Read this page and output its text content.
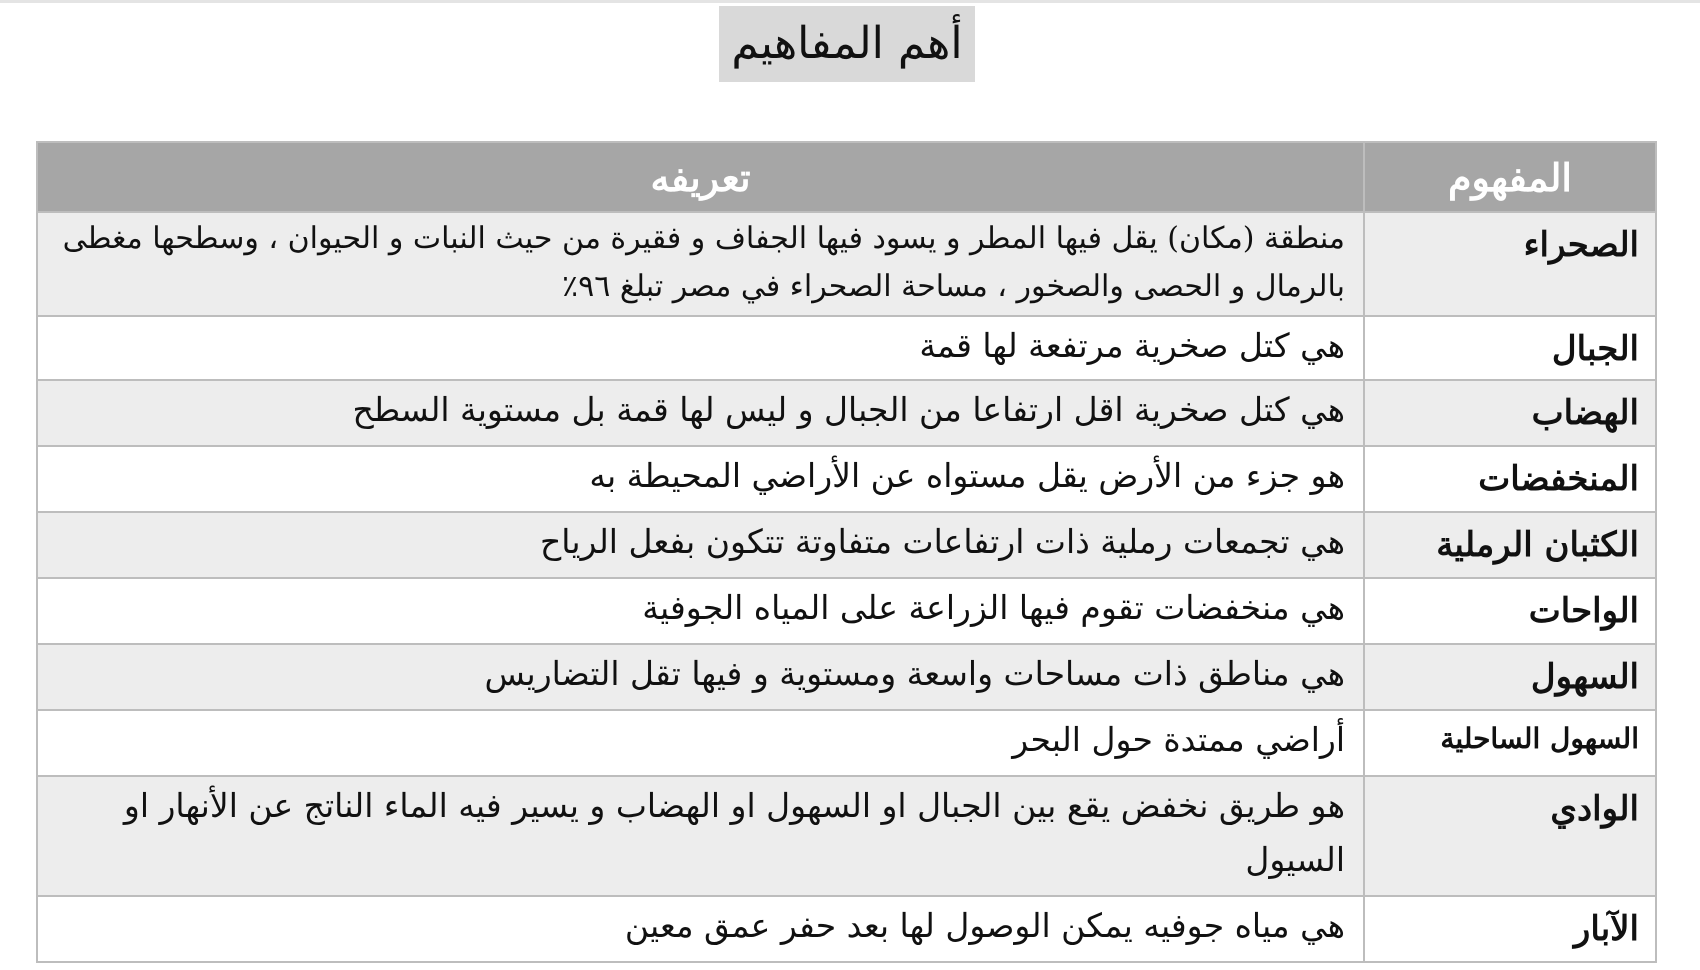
أهم المفاهيم
المفهوم	تعريفه
الصحراء	منطقة (مكان) يقل فيها المطر و يسود فيها الجفاف و فقيرة من حيث النبات و الحيوان ، وسطحها مغطى بالرمال و الحصى والصخور ، مساحة الصحراء في مصر تبلغ ٩٦٪
الجبال	هي كتل صخرية مرتفعة لها قمة
الهضاب	هي كتل صخرية اقل ارتفاعا من الجبال و ليس لها قمة بل مستوية السطح
المنخفضات	هو جزء من الأرض يقل مستواه عن الأراضي المحيطة به
الكثبان الرملية	هي تجمعات رملية ذات ارتفاعات متفاوتة تتكون بفعل الرياح
الواحات	هي منخفضات تقوم فيها الزراعة على المياه الجوفية
السهول	هي مناطق ذات مساحات واسعة ومستوية و فيها تقل التضاريس
السهول الساحلية	أراضي ممتدة حول البحر
الوادي	هو طريق نخفض يقع بين الجبال او السهول او الهضاب و يسير فيه الماء الناتج عن الأنهار او السيول
الآبار	هي مياه جوفيه يمكن الوصول لها بعد حفر عمق معين
